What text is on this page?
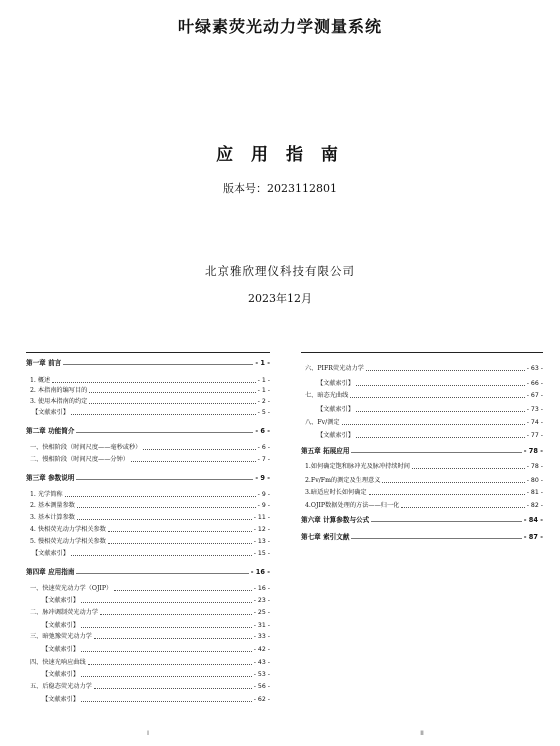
叶绿素荧光动力学测量系统
应 用 指 南
版本号：2023112801
北京雅欣理仪科技有限公司
2023年12月
第一章 前言	- 1 -
1. 概述	- 1 -
2. 本指南的编写目的	- 1 -
3. 使用本指南的约定	- 2 -
【文献索引】	- 5 -
第二章 功能简介	- 6 -
一、快相阶段（时间尺度——毫秒或秒）	- 6 -
二、慢相阶段（时间尺度——分钟）	- 7 -
第三章 参数说明	- 9 -
1. 光学简称	- 9 -
2. 基本测量参数	- 9 -
3. 基本计算参数	- 11 -
4. 快相荧光动力学相关参数	- 12 -
5. 慢相荧光动力学相关参数	- 13 -
【文献索引】	- 15 -
第四章 应用指南	- 16 -
一、快速荧光动力学（OJIP）	- 16 -
【文献索引】	- 23 -
二、脉冲调制荧光动力学	- 25 -
【文献索引】	- 31 -
三、暗弛豫荧光动力学	- 33 -
【文献索引】	- 42 -
四、快速光响应曲线	- 43 -
【文献索引】	- 53 -
五、后稳态荧光动力学	- 56 -
【文献索引】	- 62 -
I
六、PIFR荧光动力学	- 63 -
【文献索引】	- 66 -
七、暗态光曲线	- 67 -
【文献索引】	- 73 -
八、Fv/测定	- 74 -
【文献索引】	- 77 -
第五章 拓展应用	- 78 -
1.如何确定饱和脉冲光及脉冲持续时间	- 78 -
2.Fv/Fm的测定及生理意义	- 80 -
3.暗适应时长如何确定	- 81 -
4.OJIP数据处理的方法——归一化	- 82 -
第六章 计算参数与公式	- 84 -
第七章 索引文献	- 87 -
II
